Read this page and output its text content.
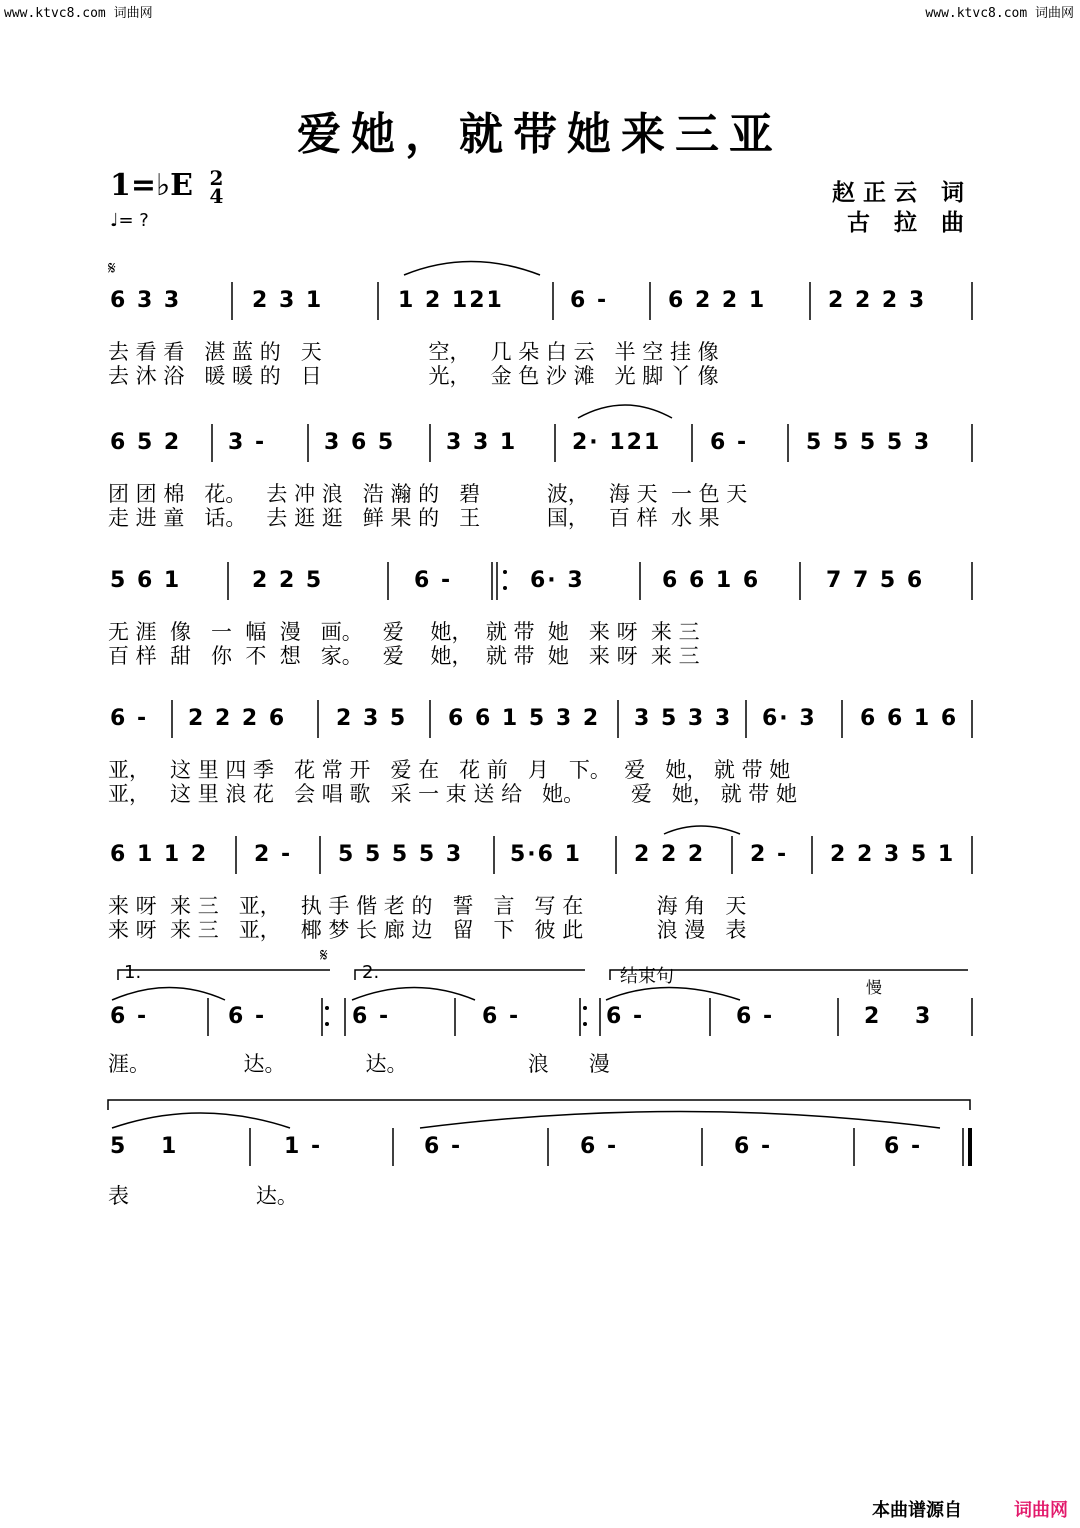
www.ktvc8.com 词曲网	www.ktvc8.com 词曲网
爱她，就带她来三亚
1=♭E 2
4
♩= ?
赵正云 词
古 拉 曲
𝄋
𝄋
6 3 3	2 3 1	1 2 121	6 -	6 2 2 1	2 2 2 3
去 看 看   湛 蓝 的   天                空，   几 朵 白 云   半 空 挂 像
去 沐 浴   暖 暖 的   日                光，   金 色 沙 滩   光 脚 丫 像
6 5 2 3 -	3 6 5 3 3 1 2· 121 6 -	5 5 5 5 3
团 团 棉   花。   去 冲 浪   浩 瀚 的   碧          波，   海 天  一 色 天
走 进 童   话。   去 逛 逛   鲜 果 的   王          国，   百 样  水 果
5 6 1	2 2 5	6 -	6· 3	6 6 1 6	7 7 5 6
无 涯  像   一  幅  漫   画。   爱    她，  就 带  她   来 呀  来 三
百 样  甜   你  不  想   家。   爱    她，  就 带  她   来 呀  来 三
6 - 2 2 2 6 2 3 5 6 6 1 5 3 2 3 5 3 3 6· 3 6 6 1 6
亚，   这 里 四 季   花 常 开   爱 在   花 前   月   下。  爱   她， 就 带 她
亚，   这 里 浪 花   会 唱 歌   采 一 束 送 给   她。       爱   她， 就 带 她
6 1 1 2 2 - 5 5 5 5 3 5·6 1 2 2 2 2 - 2 2 3 5 1
来 呀  来 三   亚，   执 手 偕 老 的   誓   言   写 在           海 角   天
来 呀  来 三   亚，   椰 梦 长 廊 边   留   下   彼 此           浪 漫   表
1.	2.	结束句
慢
6 -	6 -	6 -	6 -	6 -	6 -	2 3
涯。              达。            达。                  浪      漫
5 1	1 -	6 -	6 -	6 -	6 -
表                   达。
本曲谱源自	词曲网
